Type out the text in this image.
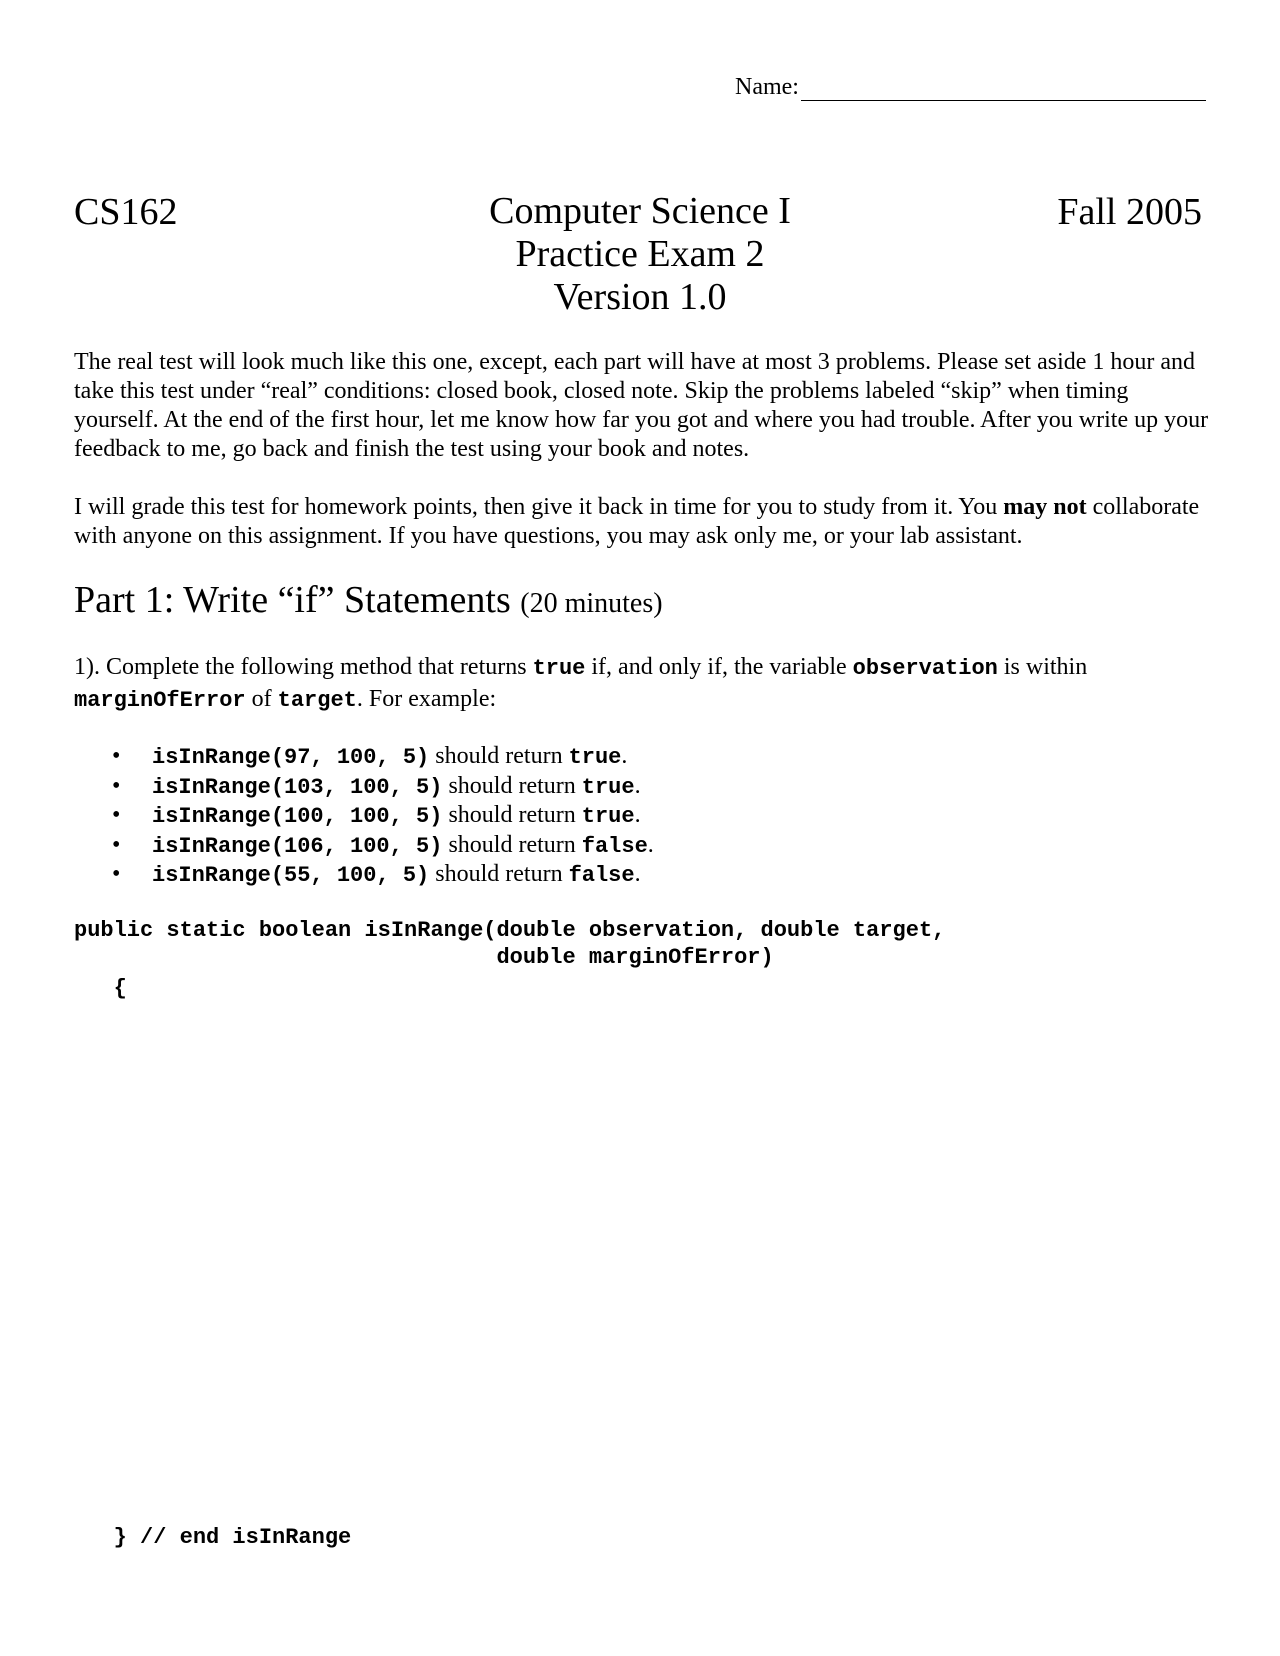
Name:
CS162	Computer Science I
Practice Exam 2
Version 1.0
Fall 2005
The real test will look much like this one, except, each part will have at most 3 problems. Please set aside 1 hour and take this test under “real” conditions: closed book, closed note. Skip the problems labeled “skip” when timing yourself. At the end of the first hour, let me know how far you got and where you had trouble. After you write up your feedback to me, go back and finish the test using your book and notes.
I will grade this test for homework points, then give it back in time for you to study from it. You may not collaborate with anyone on this assignment. If you have questions, you may ask only me, or your lab assistant.
Part 1: Write “if” Statements (20 minutes)
1). Complete the following method that returns true if, and only if, the variable observation is within
marginOfError of target. For example:
• isInRange(97, 100, 5) should return true.
• isInRange(103, 100, 5) should return true.
• isInRange(100, 100, 5) should return true.
• isInRange(106, 100, 5) should return false.
• isInRange(55, 100, 5) should return false.
public static boolean isInRange(double observation, double target,
double marginOfError)
{
} // end isInRange
